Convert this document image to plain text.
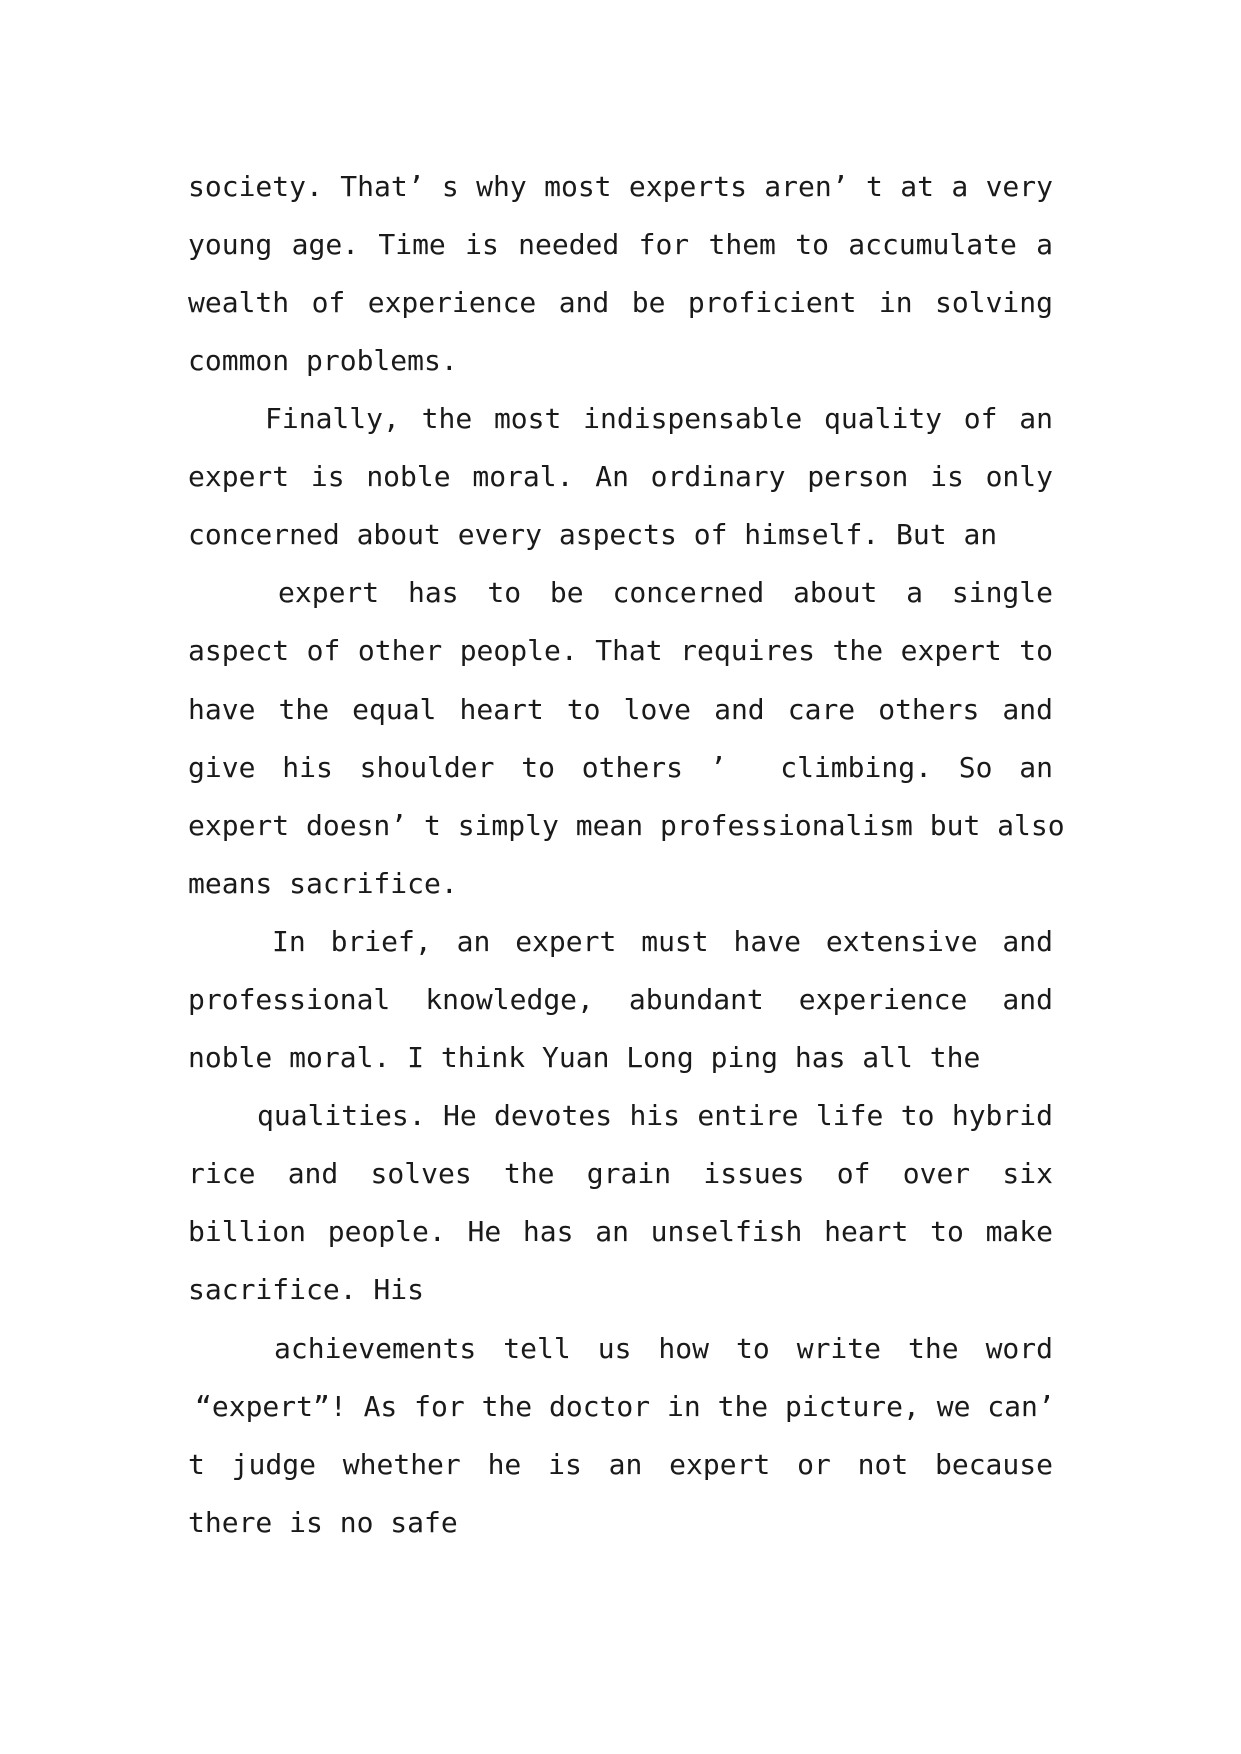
society. That’ s why most experts aren’ t at a very
young age. Time is needed for them to accumulate a
wealth of experience and be proficient in solving
common problems.
Finally, the most indispensable quality of an
expert is noble moral. An ordinary person is only
concerned about every aspects of himself. But an
expert has to be concerned about a single
aspect of other people. That requires the expert to
have the equal heart to love and care others and
give his shoulder to others ’  climbing. So an
expert doesn’ t simply mean professionalism but also
means sacrifice.
In brief, an expert must have extensive and
professional knowledge, abundant experience and
noble moral. I think Yuan Long ping has all the
qualities. He devotes his entire life to hybrid
rice and solves the grain issues of over six
billion people. He has an unselfish heart to make
sacrifice. His
achievements tell us how to write the word
“expert”! As for the doctor in the picture, we can’
t judge whether he is an expert or not because
there is no safe
